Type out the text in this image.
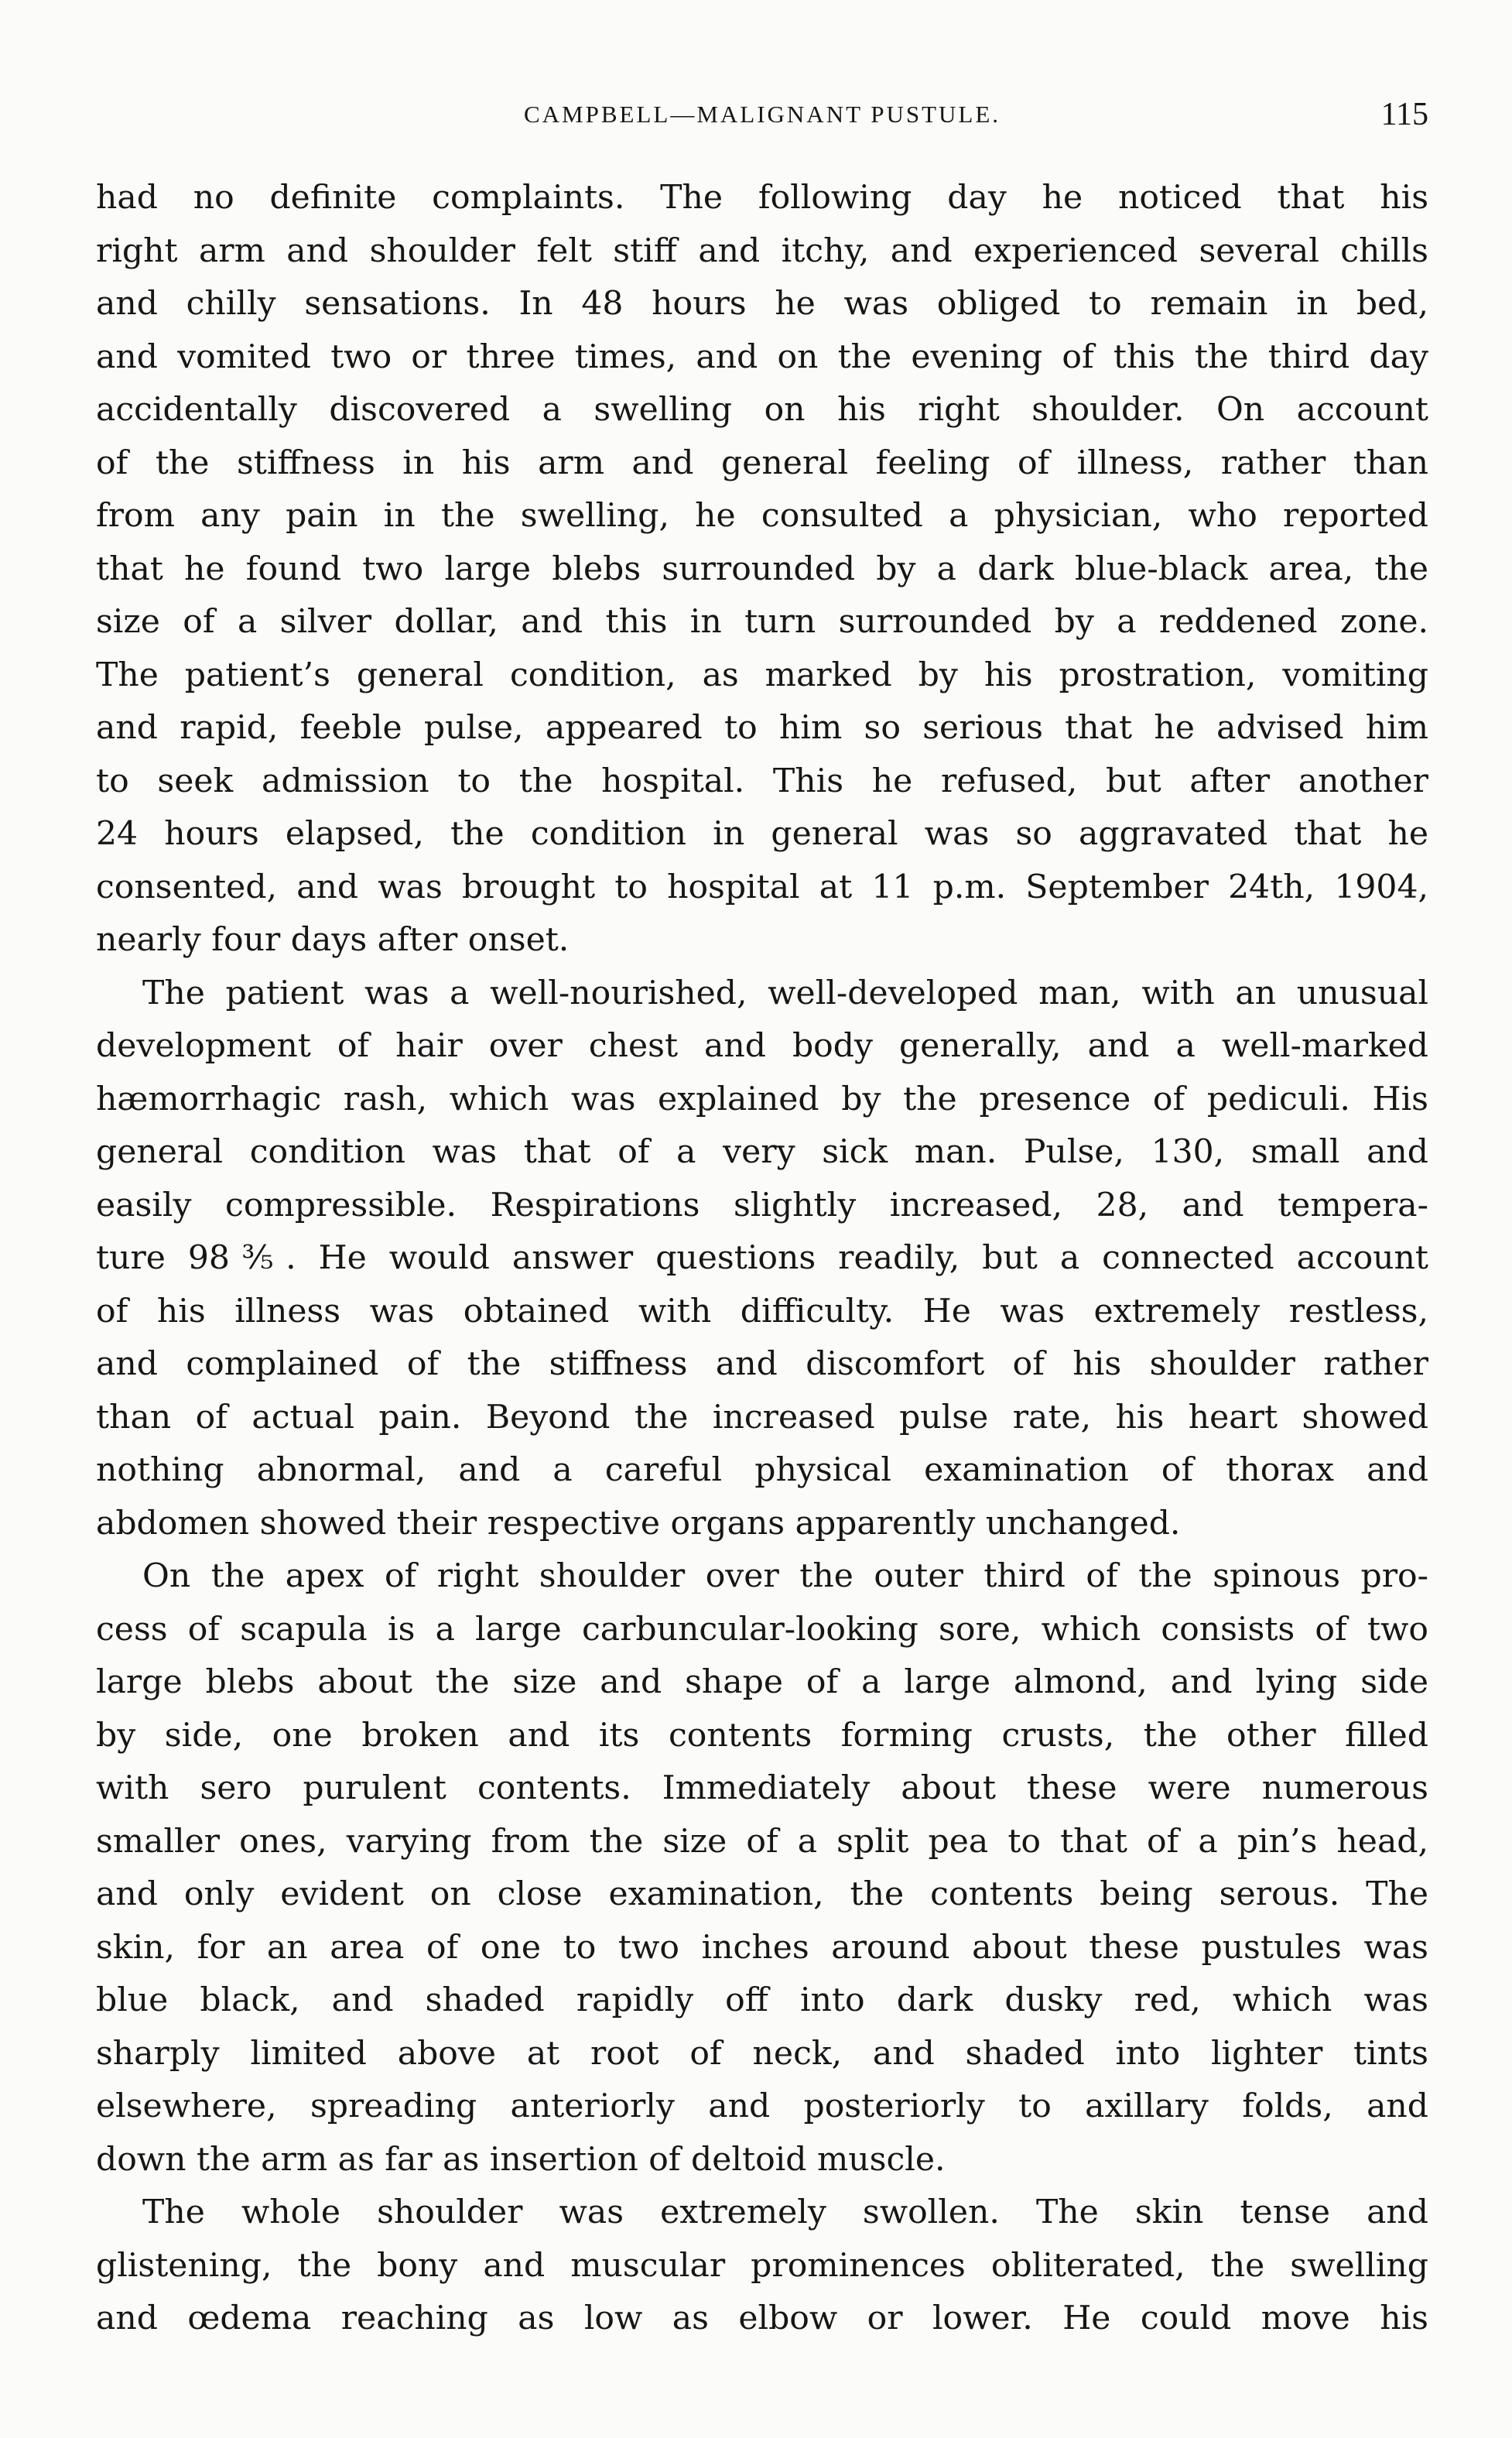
CAMPBELL—MALIGNANT PUSTULE.	115
had no definite complaints. The following day he noticed that his
right arm and shoulder felt stiff and itchy, and experienced several chills
and chilly sensations. In 48 hours he was obliged to remain in bed,
and vomited two or three times, and on the evening of this the third day
accidentally discovered a swelling on his right shoulder. On account
of the stiffness in his arm and general feeling of illness, rather than
from any pain in the swelling, he consulted a physician, who reported
that he found two large blebs surrounded by a dark blue-black area, the
size of a silver dollar, and this in turn surrounded by a reddened zone.
The patient’s general condition, as marked by his prostration, vomiting
and rapid, feeble pulse, appeared to him so serious that he advised him
to seek admission to the hospital. This he refused, but after another
24 hours elapsed, the condition in general was so aggravated that he
consented, and was brought to hospital at 11 p.m. September 24th, 1904,
nearly four days after onset.
The patient was a well-nourished, well-developed man, with an unusual
development of hair over chest and body generally, and a well-marked
hæmorrhagic rash, which was explained by the presence of pediculi. His
general condition was that of a very sick man. Pulse, 130, small and
easily compressible. Respirations slightly increased, 28, and tempera-
ture 98⅗. He would answer questions readily, but a connected account
of his illness was obtained with difficulty. He was extremely restless,
and complained of the stiffness and discomfort of his shoulder rather
than of actual pain. Beyond the increased pulse rate, his heart showed
nothing abnormal, and a careful physical examination of thorax and
abdomen showed their respective organs apparently unchanged.
On the apex of right shoulder over the outer third of the spinous pro-
cess of scapula is a large carbuncular-looking sore, which consists of two
large blebs about the size and shape of a large almond, and lying side
by side, one broken and its contents forming crusts, the other filled
with sero purulent contents. Immediately about these were numerous
smaller ones, varying from the size of a split pea to that of a pin’s head,
and only evident on close examination, the contents being serous. The
skin, for an area of one to two inches around about these pustules was
blue black, and shaded rapidly off into dark dusky red, which was
sharply limited above at root of neck, and shaded into lighter tints
elsewhere, spreading anteriorly and posteriorly to axillary folds, and
down the arm as far as insertion of deltoid muscle.
The whole shoulder was extremely swollen. The skin tense and
glistening, the bony and muscular prominences obliterated, the swelling
and œdema reaching as low as elbow or lower. He could move his
